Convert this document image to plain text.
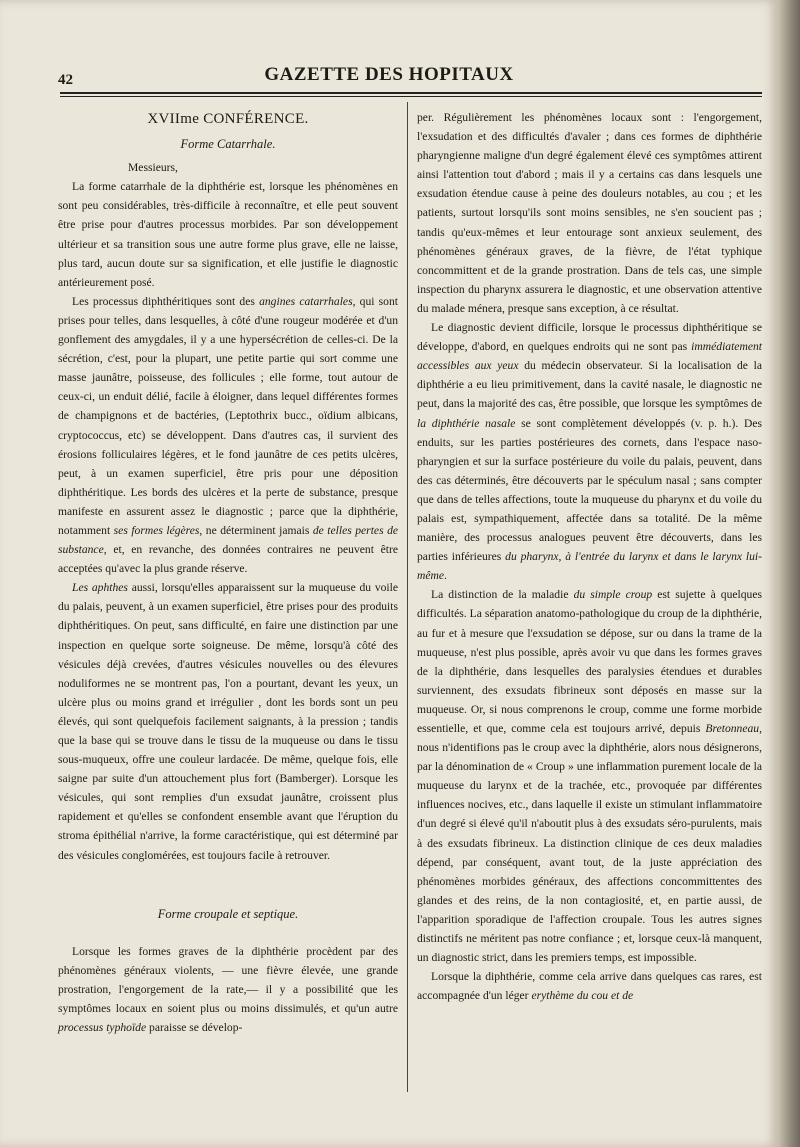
42	GAZETTE DES HOPITAUX
XVIIme CONFÉRENCE.
Forme Catarrhale.

Messieurs,

La forme catarrhale de la diphthérie est, lorsque les phénomènes en sont peu considérables, très-difficile à reconnaître, et elle peut souvent être prise pour d'autres processus morbides. Par son développement ultérieur et sa transition sous une autre forme plus grave, elle ne laisse, plus tard, aucun doute sur sa signification, et elle justifie le diagnostic antérieurement posé.

Les processus diphthéritiques sont des angines catarrhales, qui sont prises pour telles, dans lesquelles, à côté d'une rougeur modérée et d'un gonflement des amygdales, il y a une hypersécrétion de celles-ci. De la sécrétion, c'est, pour la plupart, une petite partie qui sort comme une masse jaunâtre, poisseuse, des follicules ; elle forme, tout autour de ceux-ci, un enduit délié, facile à éloigner, dans lequel différentes formes de champignons et de bactéries, (Leptothrix bucc., oïdium albicans, cryptococcus, etc) se développent. Dans d'autres cas, il survient des érosions folliculaires légères, et le fond jaunâtre de ces petits ulcères, peut, à un examen superficiel, être pris pour une déposition diphthéritique. Les bords des ulcères et la perte de substance, presque manifeste en assurent assez le diagnostic ; parce que la diphthérie, notamment ses formes légères, ne déterminent jamais de telles pertes de substance, et, en revanche, des données contraires ne peuvent être acceptées qu'avec la plus grande réserve.

Les aphthes aussi, lorsqu'elles apparaissent sur la muqueuse du voile du palais, peuvent, à un examen superficiel, être prises pour des produits diphthéritiques. On peut, sans difficulté, en faire une distinction par une inspection en quelque sorte soigneuse. De même, lorsqu'à côté des vésicules déjà crevées, d'autres vésicules nouvelles ou des élevures noduliformes ne se montrent pas, l'on a pourtant, devant les yeux, un ulcère plus ou moins grand et irrégulier , dont les bords sont un peu élevés, qui sont quelquefois facilement saignants, à la pression ; tandis que la base qui se trouve dans le tissu de la muqueuse ou dans le tissu sous-muqueux, offre une couleur lardacée. De même, quelque fois, elle saigne par suite d'un attouchement plus fort (Bamberger). Lorsque les vésicules, qui sont remplies d'un exsudat jaunâtre, croissent plus rapidement et qu'elles se confondent ensemble avant que l'éruption du stroma épithélial n'arrive, la forme caractéristique, qui est déterminé par des vésicules conglomérées, est toujours facile à retrouver.

Forme croupale et septique.

Lorsque les formes graves de la diphthérie procèdent par des phénomènes généraux violents, — une fièvre élevée, une grande prostration, l'engorgement de la rate,— il y a possibilité que les symptômes locaux en soient plus ou moins dissimulés, et qu'un autre processus typhoïde paraisse se dévelop-

per. Régulièrement les phénomènes locaux sont : l'engorgement, l'exsudation et des difficultés d'avaler ; dans ces formes de diphthérie pharyngienne maligne d'un degré également élevé ces symptômes attirent ainsi l'attention tout d'abord ; mais il y a certains cas dans lesquels une exsudation étendue cause à peine des douleurs notables, au cou ; et les patients, surtout lorsqu'ils sont moins sensibles, ne s'en soucient pas ; tandis qu'eux-mêmes et leur entourage sont anxieux seulement, des phénomènes généraux graves, de la fièvre, de l'état typhique concommittent et de la grande prostration. Dans de tels cas, une simple inspection du pharynx assurera le diagnostic, et une observation attentive du malade ménera, presque sans exception, à ce résultat.

Le diagnostic devient difficile, lorsque le processus diphthéritique se développe, d'abord, en quelques endroits qui ne sont pas immédiatement accessibles aux yeux du médecin observateur. Si la localisation de la diphthérie a eu lieu primitivement, dans la cavité nasale, le diagnostic ne peut, dans la majorité des cas, être possible, que lorsque les symptômes de la diphthérie nasale se sont complètement développés (v. p. h.). Des enduits, sur les parties postérieures des cornets, dans l'espace naso-pharyngien et sur la surface postérieure du voile du palais, peuvent, dans des cas déterminés, être découverts par le spéculum nasal ; sans compter que dans de telles affections, toute la muqueuse du pharynx et du voile du palais est, sympathiquement, affectée dans sa totalité. De la même manière, des processus analogues peuvent être découverts, dans les parties inférieures du pharynx, à l'entrée du larynx et dans le larynx lui-même.

La distinction de la maladie du simple croup est sujette à quelques difficultés. La séparation anatomo-pathologique du croup de la diphthérie, au fur et à mesure que l'exsudation se dépose, sur ou dans la trame de la muqueuse, n'est plus possible, après avoir vu que dans les formes graves de la diphthérie, dans lesquelles des paralysies étendues et durables surviennent, des exsudats fibrineux sont déposés en masse sur la muqueuse. Or, si nous comprenons le croup, comme une forme morbide essentielle, et que, comme cela est toujours arrivé, depuis Bretonneau, nous n'identifions pas le croup avec la diphthérie, alors nous désignerons, par la dénomination de « Croup » une inflammation purement locale de la muqueuse du larynx et de la trachée, etc., provoquée par différentes influences nocives, etc., dans laquelle il existe un stimulant inflammatoire d'un degré si élevé qu'il n'aboutit plus à des exsudats séro-purulents, mais à des exsudats fibrineux. La distinction clinique de ces deux maladies dépend, par conséquent, avant tout, de la juste appréciation des phénomènes morbides généraux, des affections concommittentes des glandes et des reins, de la non contagiosité, et, en partie aussi, de l'apparition sporadique de l'affection croupale. Tous les autres signes distinctifs ne méritent pas notre confiance ; et, lorsque ceux-là manquent, un diagnostic strict, dans les premiers temps, est impossible.

Lorsque la diphthérie, comme cela arrive dans quelques cas rares, est accompagnée d'un léger erythème du cou et de
